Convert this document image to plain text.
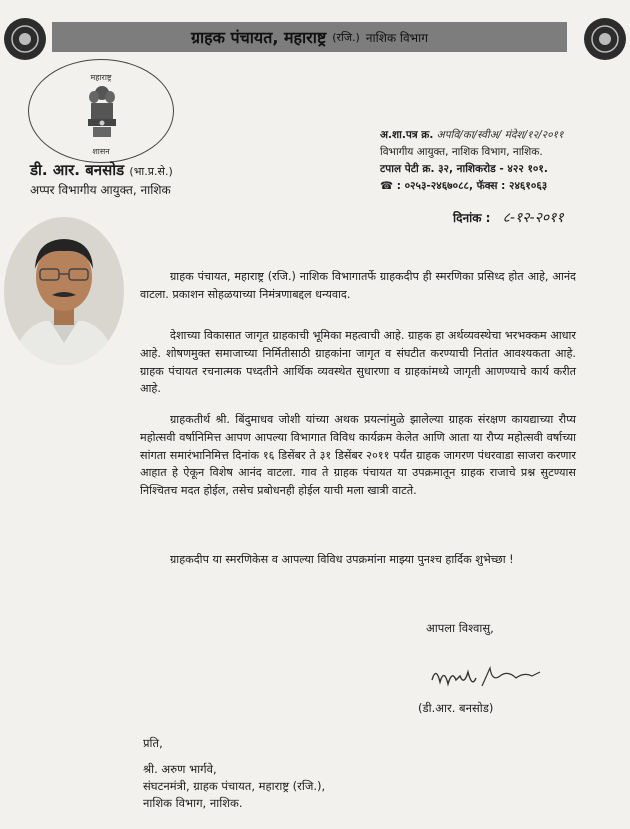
ग्राहक पंचायत, महाराष्ट्र (रजि.) नाशिक विभाग
महाराष्ट्र
शासन
डी. आर. बनसोड (भा.प्र.से.)
अप्पर विभागीय आयुक्त, नाशिक
अ.शा.पत्र क्र. अपवि/का/स्वीअ/ मंदेश/१२/२०११
विभागीय आयुक्त, नाशिक विभाग, नाशिक.
टपाल पेटी क्र. ३२, नाशिकरोड - ४२२ १०१.
☎ : ०२५३-२४६७०८८, फॅक्स : २४६१०६३
दिनांक : ८-१२-२०११

ग्राहक पंचायत, महाराष्ट्र (रजि.) नाशिक विभागातर्फे ग्राहकदीप ही स्मरणिका प्रसिध्द होत आहे, आनंद वाटला. प्रकाशन सोहळयाच्या निमंत्रणाबद्दल धन्यवाद.

देशाच्या विकासात जागृत ग्राहकाची भूमिका महत्वाची आहे. ग्राहक हा अर्थव्यवस्थेचा भरभक्कम आधार आहे. शोषणमुक्त समाजाच्या निर्मितीसाठी ग्राहकांना जागृत व संघटीत करण्याची नितांत आवश्यकता आहे. ग्राहक पंचायत रचनात्मक पध्दतीने आर्थिक व्यवस्थेत सुधारणा व ग्राहकांमध्ये जागृती आणण्याचे कार्य करीत आहे.

ग्राहकतीर्थ श्री. बिंदुमाधव जोशी यांच्या अथक प्रयत्नांमुळे झालेल्या ग्राहक संरक्षण कायद्याच्या रौप्य महोत्सवी वर्षानिमित्त आपण आपल्या विभागात विविध कार्यक्रम केलेत आणि आता या रौप्य महोत्सवी वर्षाच्या सांगता समारंभानिमित्त दिनांक १६ डिसेंबर ते ३१ डिसेंबर २०११ पर्यंत ग्राहक जागरण पंधरवाडा साजरा करणार आहात हे ऐकून विशेष आनंद वाटला. गाव ते ग्राहक पंचायत या उपक्रमातून ग्राहक राजाचे प्रश्न सुटण्यास निश्चितच मदत होईल, तसेच प्रबोधनही होईल याची मला खात्री वाटते.

ग्राहकदीप या स्मरणिकेस व आपल्या विविध उपक्रमांना माझ्या पुनश्च हार्दिक शुभेच्छा !

आपला विश्वासु,
(डी.आर. बनसोड)
प्रति,
श्री. अरुण भार्गवे,
संघटनमंत्री, ग्राहक पंचायत, महाराष्ट्र (रजि.),
नाशिक विभाग, नाशिक.
